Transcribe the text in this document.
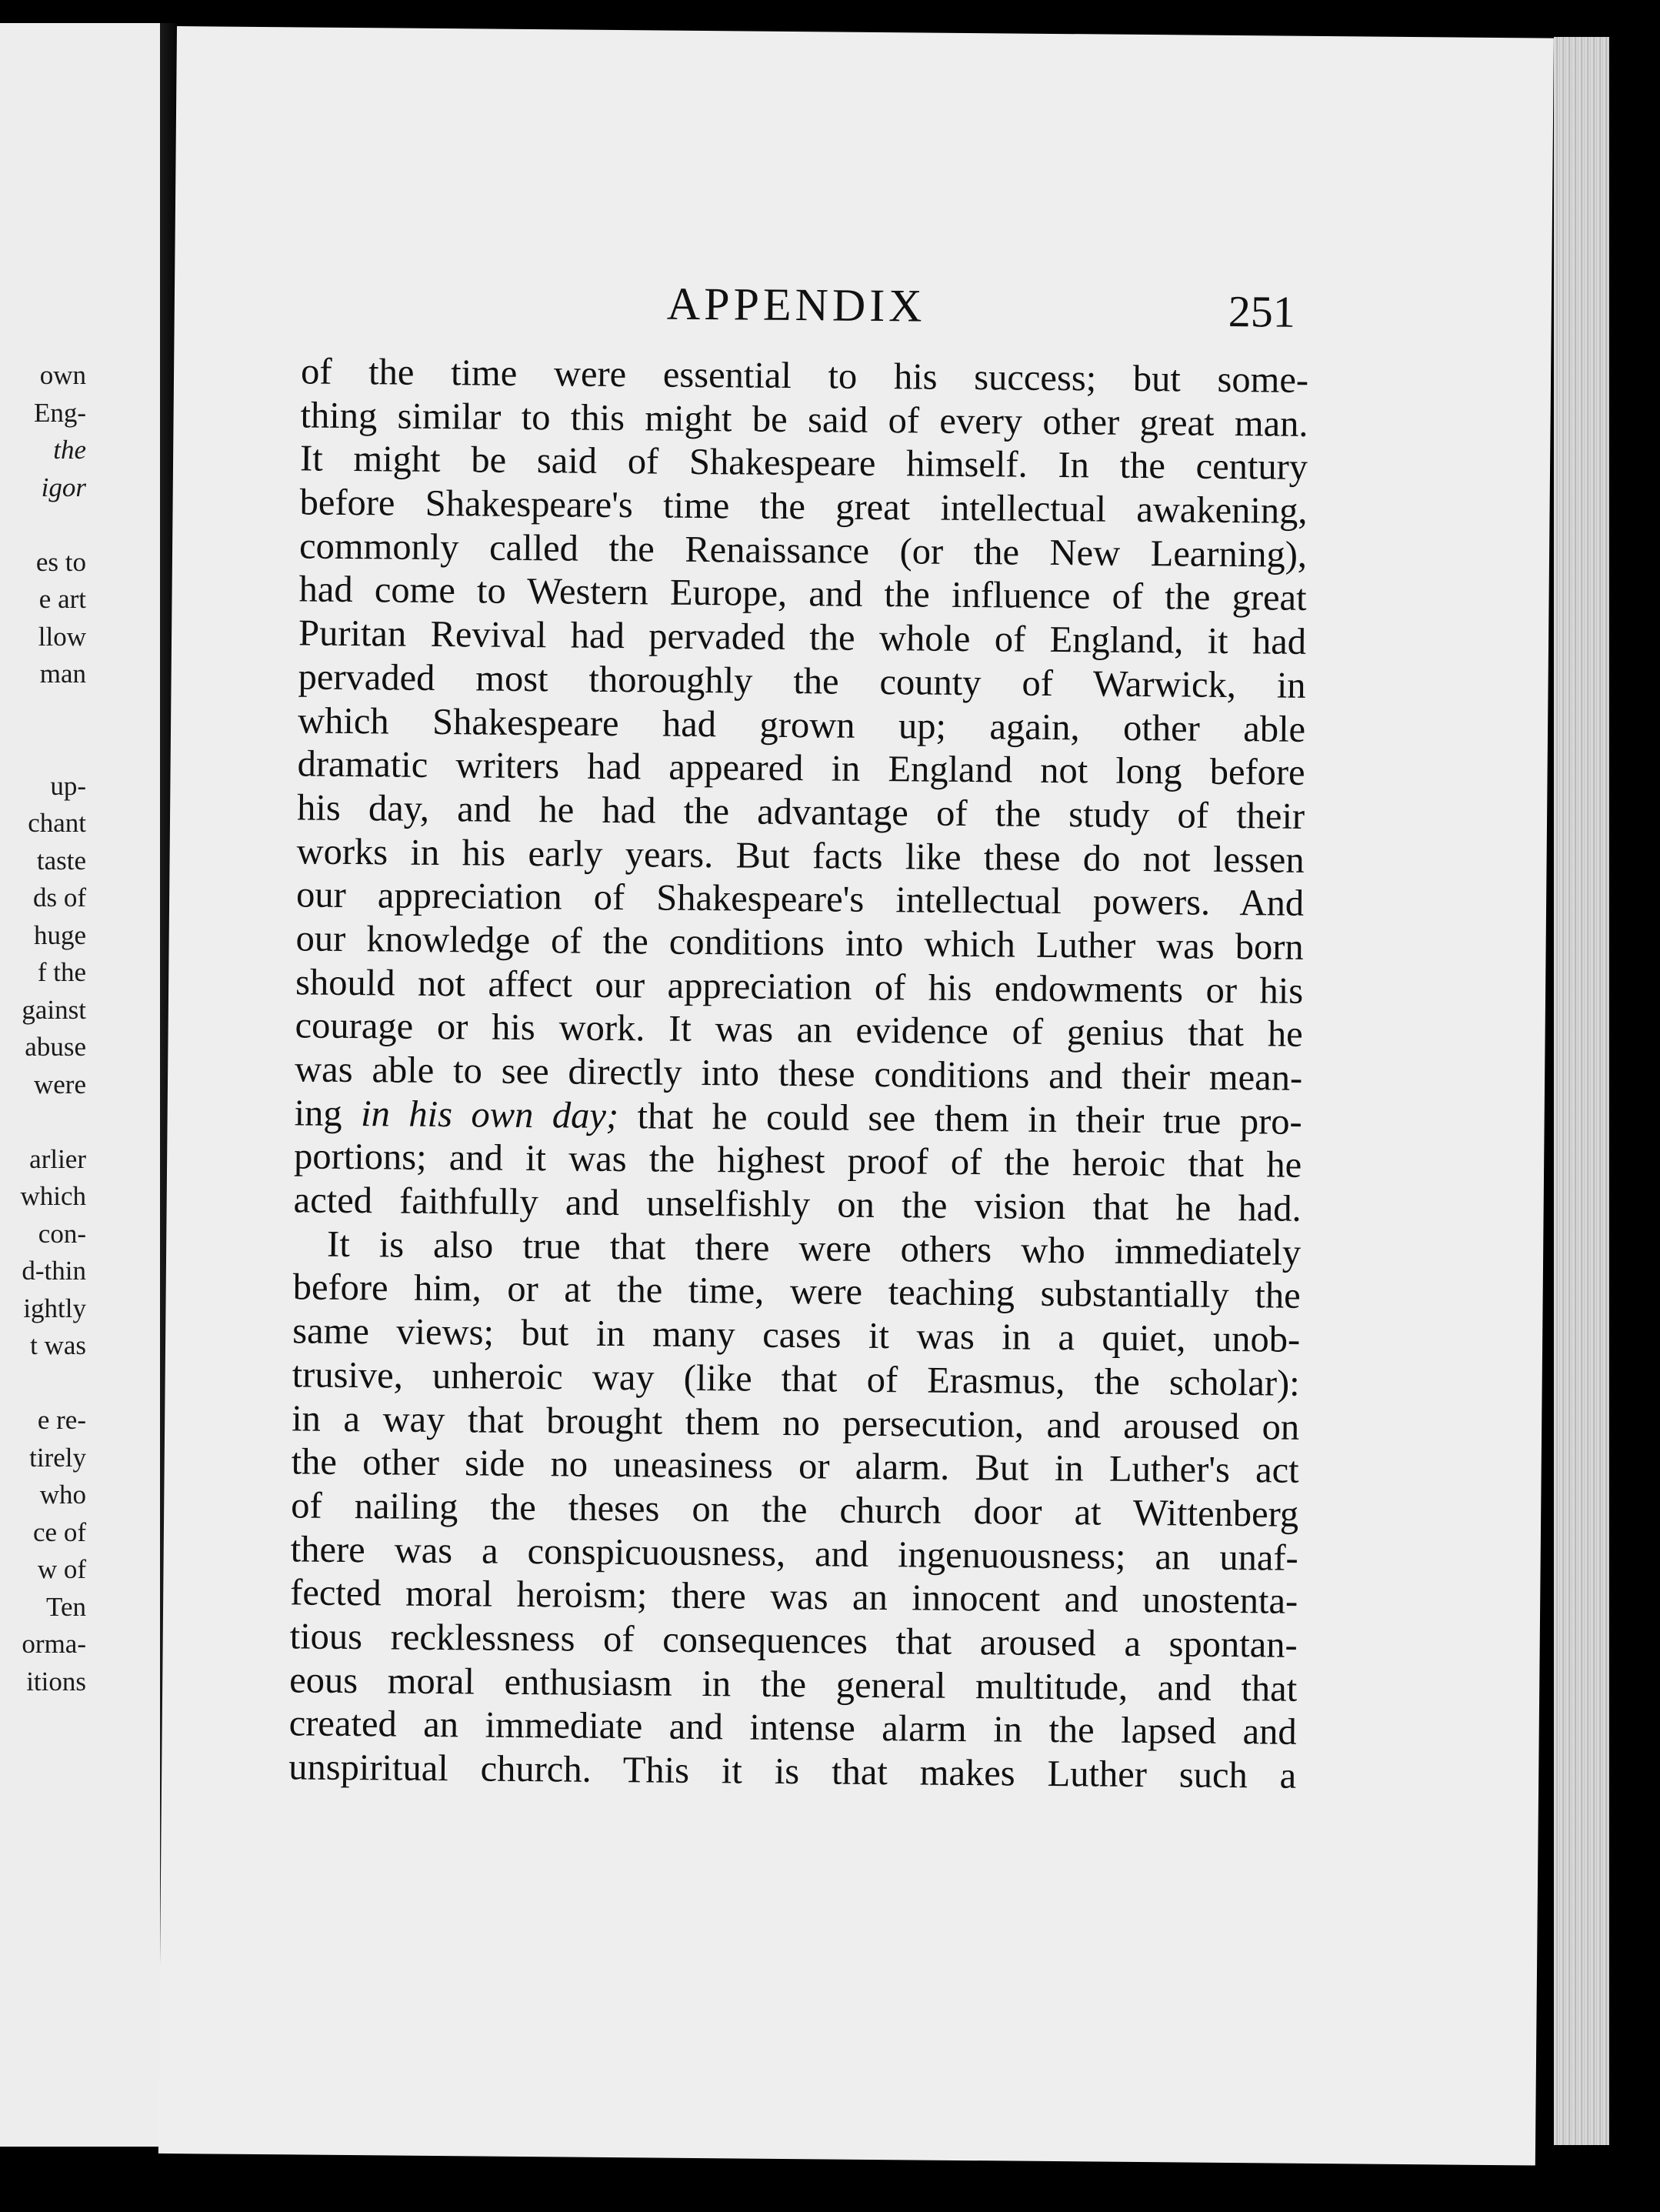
own
Eng-
the
igor
es to
e art
llow
man
up-
chant
taste
ds of
huge
f the
gainst
abuse
were
arlier
which
con-
d-thin
ightly
t was
e re-
tirely
who
ce of
w of
Ten
orma-
itions
APPENDIX	251
of the time were essential to his success; but some-
thing similar to this might be said of every other great man.
It might be said of Shakespeare himself. In the century
before Shakespeare's time the great intellectual awakening,
commonly called the Renaissance (or the New Learning),
had come to Western Europe, and the influence of the great
Puritan Revival had pervaded the whole of England, it had
pervaded most thoroughly the county of Warwick, in
which Shakespeare had grown up; again, other able
dramatic writers had appeared in England not long before
his day, and he had the advantage of the study of their
works in his early years. But facts like these do not lessen
our appreciation of Shakespeare's intellectual powers. And
our knowledge of the conditions into which Luther was born
should not affect our appreciation of his endowments or his
courage or his work. It was an evidence of genius that he
was able to see directly into these conditions and their mean-
ing in his own day; that he could see them in their true pro-
portions; and it was the highest proof of the heroic that he
acted faithfully and unselfishly on the vision that he had.
It is also true that there were others who immediately
before him, or at the time, were teaching substantially the
same views; but in many cases it was in a quiet, unob-
trusive, unheroic way (like that of Erasmus, the scholar):
in a way that brought them no persecution, and aroused on
the other side no uneasiness or alarm. But in Luther's act
of nailing the theses on the church door at Wittenberg
there was a conspicuousness, and ingenuousness; an unaf-
fected moral heroism; there was an innocent and unostenta-
tious recklessness of consequences that aroused a spontan-
eous moral enthusiasm in the general multitude, and that
created an immediate and intense alarm in the lapsed and
unspiritual church. This it is that makes Luther such a
